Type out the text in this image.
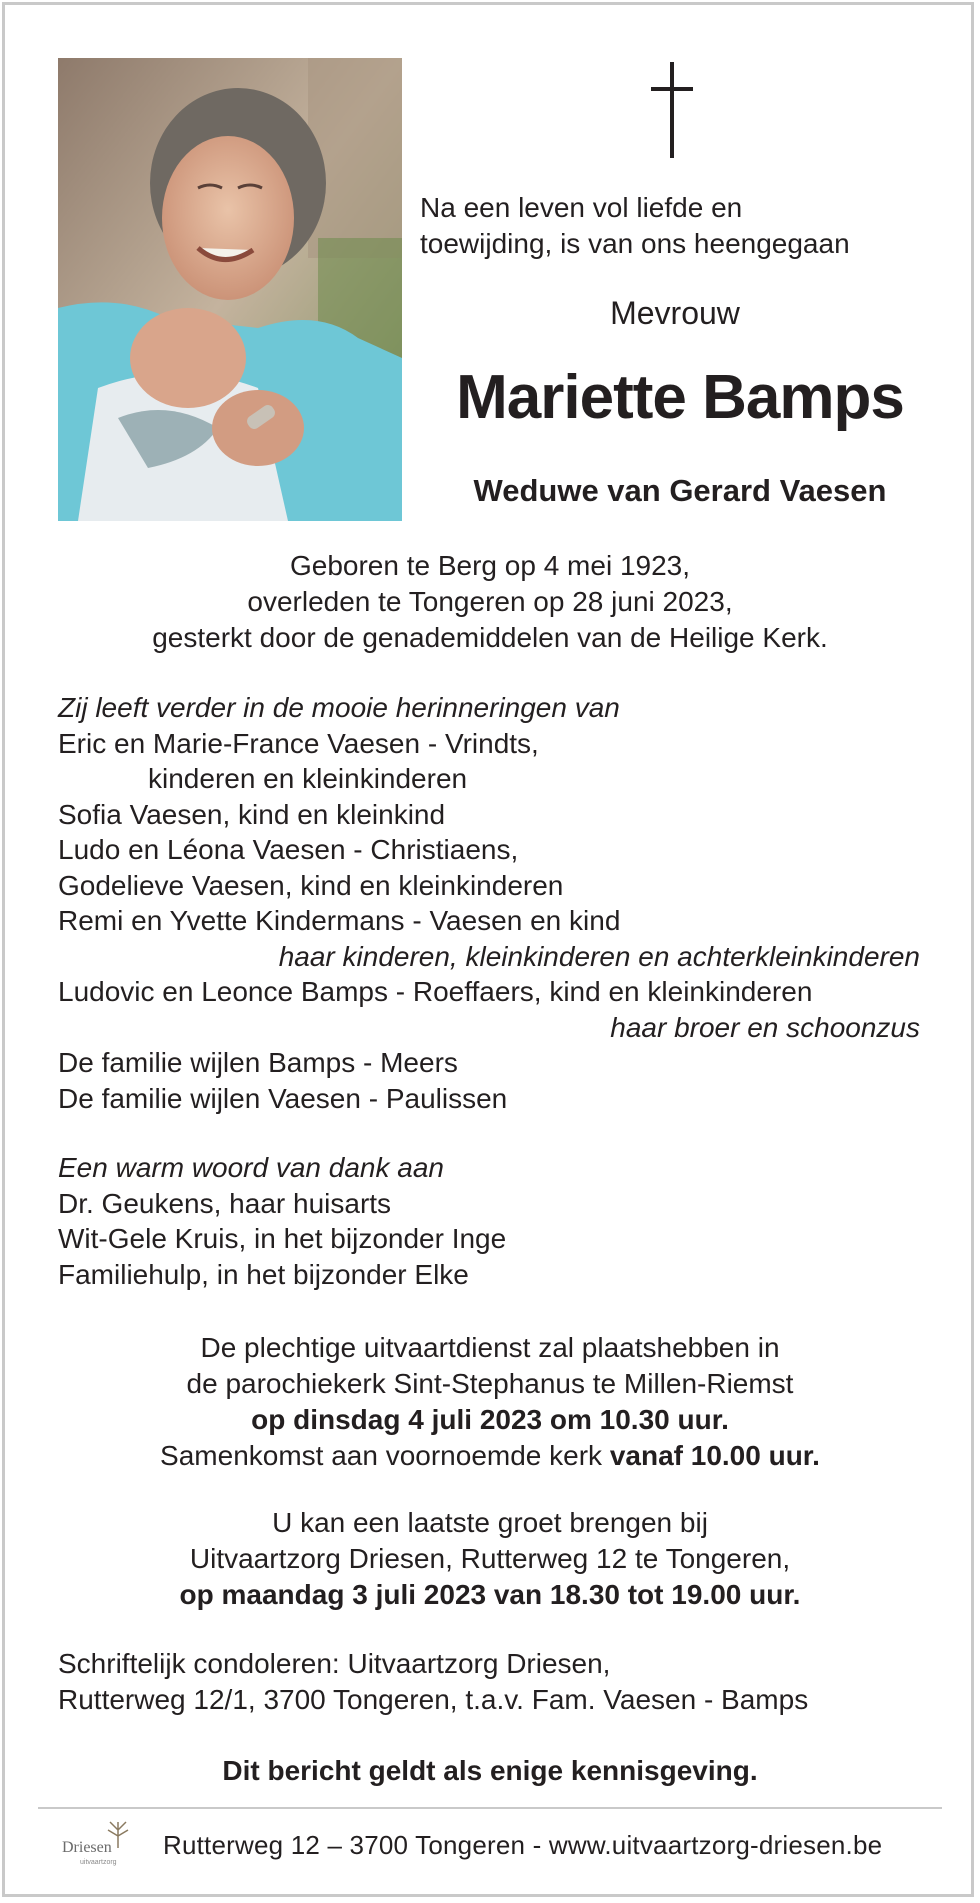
Na een leven vol liefde en
toewijding, is van ons heengegaan
Mevrouw
Mariette Bamps
Weduwe van Gerard Vaesen
Geboren te Berg op 4 mei 1923,
overleden te Tongeren op 28 juni 2023,
gesterkt door de genademiddelen van de Heilige Kerk.
Zij leeft verder in de mooie herinneringen van
Eric en Marie-France Vaesen - Vrindts,
kinderen en kleinkinderen
Sofia Vaesen, kind en kleinkind
Ludo en Léona Vaesen - Christiaens,
Godelieve Vaesen, kind en kleinkinderen
Remi en Yvette Kindermans - Vaesen en kind
haar kinderen, kleinkinderen en achterkleinkinderen
Ludovic en Leonce Bamps - Roeffaers, kind en kleinkinderen
haar broer en schoonzus
De familie wijlen Bamps - Meers
De familie wijlen Vaesen - Paulissen
Een warm woord van dank aan
Dr. Geukens, haar huisarts
Wit-Gele Kruis, in het bijzonder Inge
Familiehulp, in het bijzonder Elke
De plechtige uitvaartdienst zal plaatshebben in
de parochiekerk Sint-Stephanus te Millen-Riemst
op dinsdag 4 juli 2023 om 10.30 uur.
Samenkomst aan voornoemde kerk vanaf 10.00 uur.
U kan een laatste groet brengen bij
Uitvaartzorg Driesen, Rutterweg 12 te Tongeren,
op maandag 3 juli 2023 van 18.30 tot 19.00 uur.
Schriftelijk condoleren: Uitvaartzorg Driesen,
Rutterweg 12/1, 3700 Tongeren, t.a.v. Fam. Vaesen - Bamps
Dit bericht geldt als enige kennisgeving.
Driesen
uitvaartzorg
Rutterweg 12 – 3700 Tongeren - www.uitvaartzorg-driesen.be
